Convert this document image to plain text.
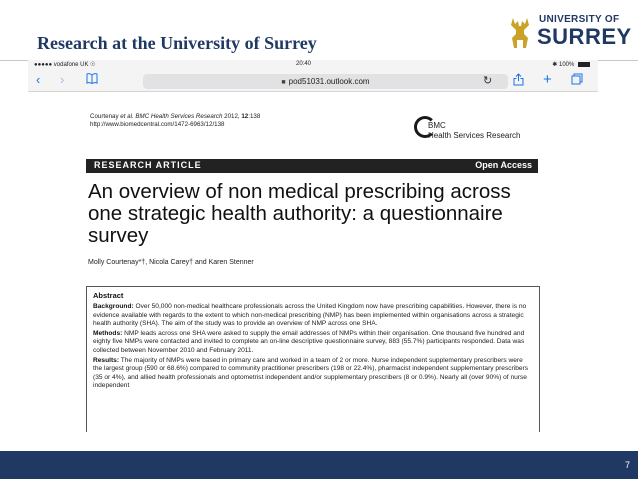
Research at the University of Surrey
UNIVERSITY OF
SURREY
●●●●● vodafone UK ☉	20:40	✱ 100%
‹ ›	■ pod51031.outlook.com	↻	+
Courtenay et al. BMC Health Services Research 2012, 12:138
http://www.biomedcentral.com/1472-6963/12/138	BMC
Health Services Research
RESEARCH ARTICLE	Open Access
An overview of non medical prescribing across
one strategic health authority: a questionnaire
survey
Molly Courtenay*†, Nicola Carey† and Karen Stenner
Abstract

Background: Over 50,000 non-medical healthcare professionals across the United Kingdom now have prescribing capabilities. However, there is no evidence available with regards to the extent to which non-medical prescribing (NMP) has been implemented within organisations across a strategic health authority (SHA). The aim of the study was to provide an overview of NMP across one SHA.

Methods: NMP leads across one SHA were asked to supply the email addresses of NMPs within their organisation. One thousand five hundred and eighty five NMPs were contacted and invited to complete an on-line descriptive questionnaire survey, 883 (55.7%) participants responded. Data was collected between November 2010 and February 2011.

Results: The majority of NMPs were based in primary care and worked in a team of 2 or more. Nurse independent supplementary prescribers were the largest group (590 or 68.6%) compared to community practitioner prescribers (198 or 22.4%), pharmacist independent supplementary prescribers (35 or 4%), and allied health professionals and optometrist independent and/or supplementary prescribers (8 or 0.9%). Nearly all (over 90%) of nurse independent

7
